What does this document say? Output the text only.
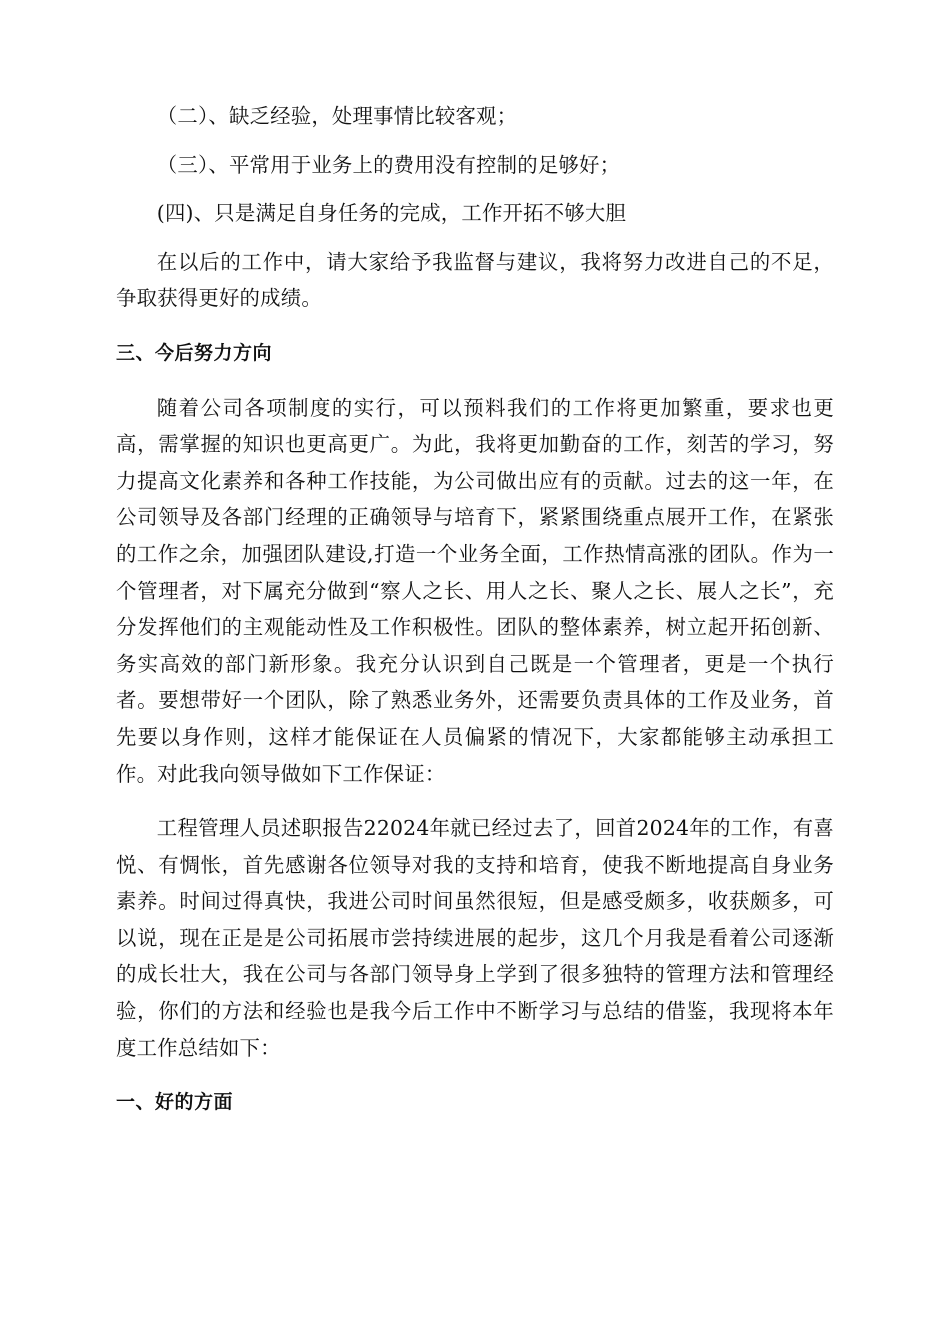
（二）、缺乏经验，处理事情比较客观；

（三）、平常用于业务上的费用没有控制的足够好；

(四)、只是满足自身任务的完成，工作开拓不够大胆

在以后的工作中，请大家给予我监督与建议，我将努力改进自己的不足，争取获得更好的成绩。

三、今后努力方向

随着公司各项制度的实行，可以预料我们的工作将更加繁重，要求也更高，需掌握的知识也更高更广。为此，我将更加勤奋的工作，刻苦的学习，努力提高文化素养和各种工作技能，为公司做出应有的贡献。过去的这一年，在公司领导及各部门经理的正确领导与培育下，紧紧围绕重点展开工作，在紧张的工作之余，加强团队建设,打造一个业务全面，工作热情高涨的团队。作为一个管理者，对下属充分做到“察人之长、用人之长、聚人之长、展人之长”，充分发挥他们的主观能动性及工作积极性。团队的整体素养，树立起开拓创新、务实高效的部门新形象。我充分认识到自己既是一个管理者，更是一个执行者。要想带好一个团队，除了熟悉业务外，还需要负责具体的工作及业务，首先要以身作则，这样才能保证在人员偏紧的情况下，大家都能够主动承担工作。对此我向领导做如下工作保证：

工程管理人员述职报告22024年就已经过去了，回首2024年的工作，有喜悦、有惆怅，首先感谢各位领导对我的支持和培育，使我不断地提高自身业务素养。时间过得真快，我进公司时间虽然很短，但是感受颇多，收获颇多，可以说，现在正是是公司拓展市尝持续进展的起步，这几个月我是看着公司逐渐的成长壮大，我在公司与各部门领导身上学到了很多独特的管理方法和管理经验，你们的方法和经验也是我今后工作中不断学习与总结的借鉴，我现将本年度工作总结如下：

一、好的方面
